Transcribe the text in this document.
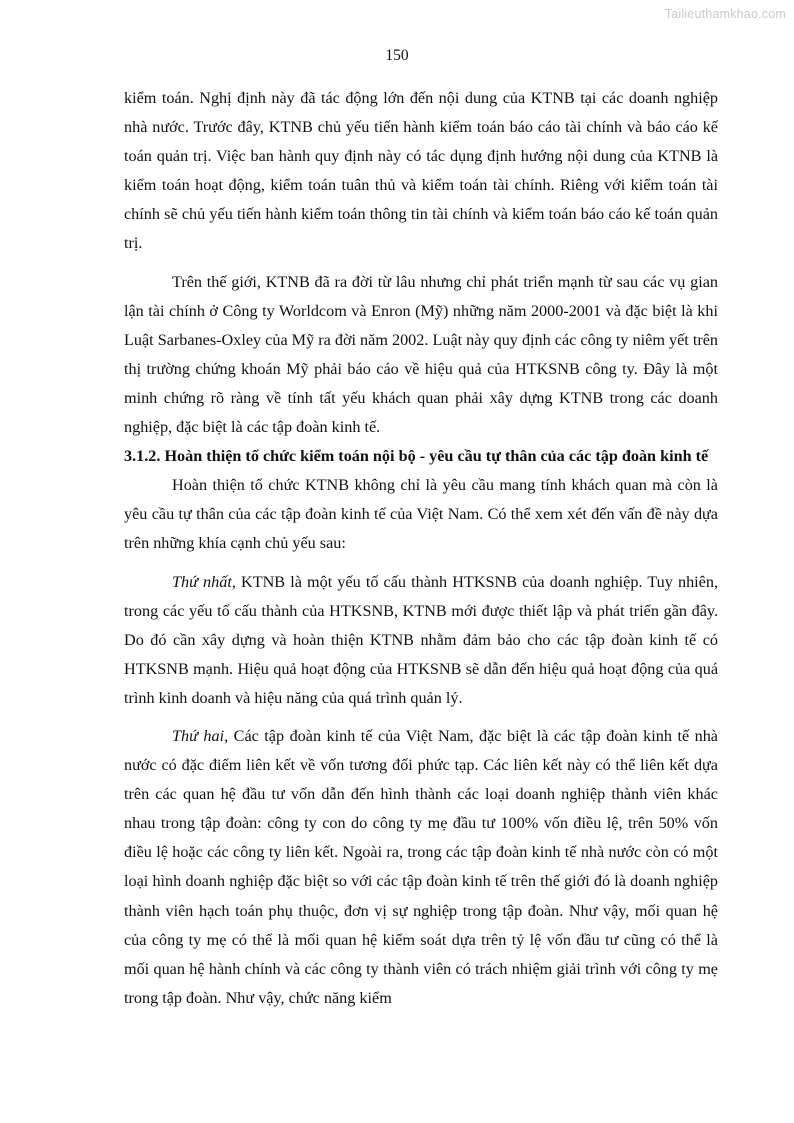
Tailieuthamkhao.com
150

kiểm toán. Nghị định này đã tác động lớn đến nội dung của KTNB tại các doanh nghiệp nhà nước. Trước đây, KTNB chủ yếu tiến hành kiểm toán báo cáo tài chính và báo cáo kế toán quản trị. Việc ban hành quy định này có tác dụng định hướng nội dung của KTNB là kiểm toán hoạt động, kiểm toán tuân thủ và kiểm toán tài chính. Riêng với kiểm toán tài chính sẽ chủ yếu tiến hành kiểm toán thông tin tài chính và kiểm toán báo cáo kế toán quản trị.

Trên thế giới, KTNB đã ra đời từ lâu nhưng chỉ phát triển mạnh từ sau các vụ gian lận tài chính ở Công ty Worldcom và Enron (Mỹ) những năm 2000-2001 và đặc biệt là khi Luật Sarbanes-Oxley của Mỹ ra đời năm 2002. Luật này quy định các công ty niêm yết trên thị trường chứng khoán Mỹ phải báo cáo về hiệu quả của HTKSNB công ty. Đây là một minh chứng rõ ràng về tính tất yếu khách quan phải xây dựng KTNB trong các doanh nghiệp, đặc biệt là các tập đoàn kinh tế.

3.1.2. Hoàn thiện tổ chức kiểm toán nội bộ - yêu cầu tự thân của các tập đoàn kinh tế

Hoàn thiện tổ chức KTNB không chỉ là yêu cầu mang tính khách quan mà còn là yêu cầu tự thân của các tập đoàn kinh tế của Việt Nam. Có thể xem xét đến vấn đề này dựa trên những khía cạnh chủ yếu sau:

Thứ nhất, KTNB là một yếu tố cấu thành HTKSNB của doanh nghiệp. Tuy nhiên, trong các yếu tố cấu thành của HTKSNB, KTNB mới được thiết lập và phát triển gần đây. Do đó cần xây dựng và hoàn thiện KTNB nhằm đảm bảo cho các tập đoàn kinh tế có HTKSNB mạnh. Hiệu quả hoạt động của HTKSNB sẽ dẫn đến hiệu quả hoạt động của quá trình kinh doanh và hiệu năng của quá trình quản lý.

Thứ hai, Các tập đoàn kinh tế của Việt Nam, đặc biệt là các tập đoàn kinh tế nhà nước có đặc điểm liên kết về vốn tương đối phức tạp. Các liên kết này có thể liên kết dựa trên các quan hệ đầu tư vốn dẫn đến hình thành các loại doanh nghiệp thành viên khác nhau trong tập đoàn: công ty con do công ty mẹ đầu tư 100% vốn điều lệ, trên 50% vốn điều lệ hoặc các công ty liên kết. Ngoài ra, trong các tập đoàn kinh tế nhà nước còn có một loại hình doanh nghiệp đặc biệt so với các tập đoàn kinh tế trên thế giới đó là doanh nghiệp thành viên hạch toán phụ thuộc, đơn vị sự nghiệp trong tập đoàn. Như vậy, mối quan hệ của công ty mẹ có thể là mối quan hệ kiểm soát dựa trên tỷ lệ vốn đầu tư cũng có thể là mối quan hệ hành chính và các công ty thành viên có trách nhiệm giải trình với công ty mẹ trong tập đoàn. Như vậy, chức năng kiểm
